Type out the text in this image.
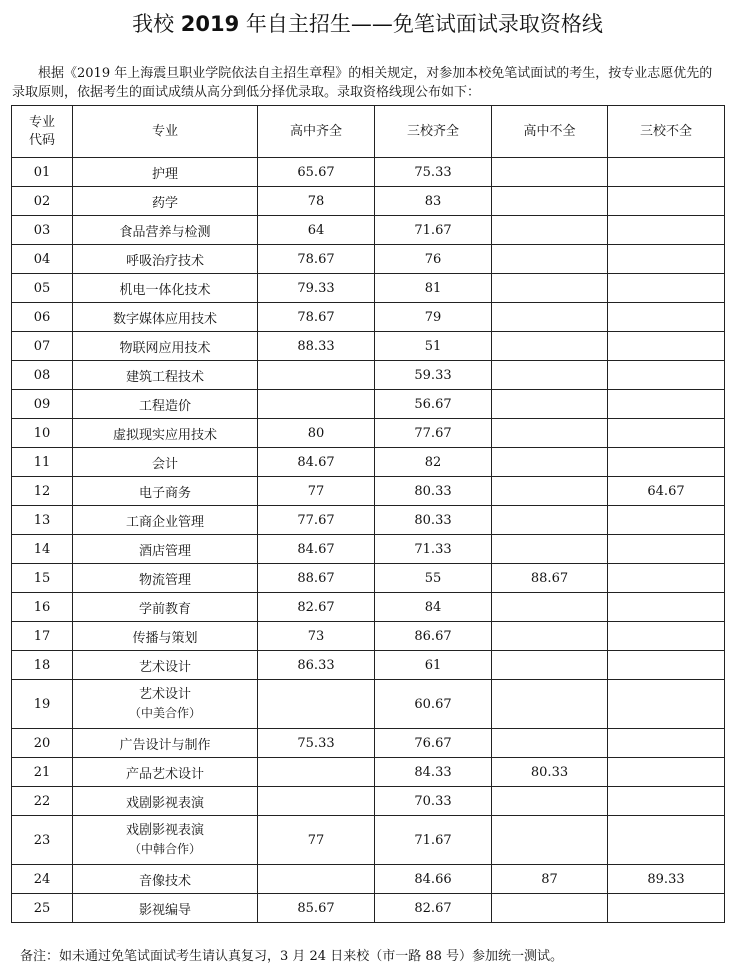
我校 2019 年自主招生——免笔试面试录取资格线
根据《2019 年上海震旦职业学院依法自主招生章程》的相关规定，对参加本校免笔试面试的考生，按专业志愿优先的录取原则，依据考生的面试成绩从高分到低分择优录取。录取资格线现公布如下：
专业
代码	专业	高中齐全	三校齐全	高中不全	三校不全
01	护理	65.67	75.33		
02	药学	78	83		
03	食品营养与检测	64	71.67		
04	呼吸治疗技术	78.67	76		
05	机电一体化技术	79.33	81		
06	数字媒体应用技术	78.67	79		
07	物联网应用技术	88.33	51		
08	建筑工程技术		59.33		
09	工程造价		56.67		
10	虚拟现实应用技术	80	77.67		
11	会计	84.67	82		
12	电子商务	77	80.33		64.67
13	工商企业管理	77.67	80.33		
14	酒店管理	84.67	71.33		
15	物流管理	88.67	55	88.67	
16	学前教育	82.67	84		
17	传播与策划	73	86.67		
18	艺术设计	86.33	61		
19	艺术设计
（中美合作）		60.67		
20	广告设计与制作	75.33	76.67		
21	产品艺术设计		84.33	80.33	
22	戏剧影视表演		70.33		
23	戏剧影视表演
（中韩合作）	77	71.67		
24	音像技术		84.66	87	89.33
25	影视编导	85.67	82.67		
备注：如未通过免笔试面试考生请认真复习，3 月 24 日来校（市一路 88 号）参加统一测试。
